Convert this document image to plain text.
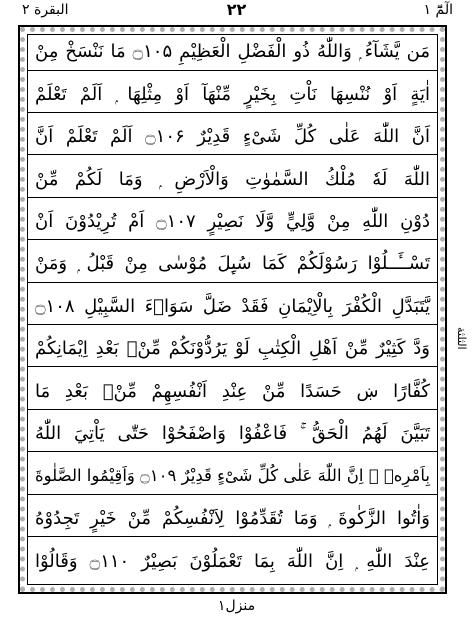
الٓمّٓ ۱
۲۲
البقرة ۲
مَن يَّشَآءُ ۭ وَاللّٰهُ ذُو الْفَضْلِ الْعَظِيْمِ ۝۱۰۵ مَا نَنْسَخْ مِنْ
اٰيَةٍ اَوْ نُنْسِهَا نَاْتِ بِخَيْرٍ مِّنْهَآ اَوْ مِثْلِهَا ۭ اَلَمْ تَعْلَمْ
اَنَّ اللّٰهَ عَلٰى كُلِّ شَىْءٍ قَدِيْرٌ ۝۱۰۶ اَلَمْ تَعْلَمْ اَنَّ
اللّٰهَ لَهٗ مُلْكُ السَّمٰوٰتِ وَالْاَرْضِ ۭ وَمَا لَكُمْ مِّنْ
دُوْنِ اللّٰهِ مِنْ وَّلِيٍّ وَّلَا نَصِيْرٍ ۝۱۰۷ اَمْ تُرِيْدُوْنَ اَنْ
تَسْــَٔــلُوْا رَسُوْلَكُمْ كَمَا سُىِٕلَ مُوْسٰى مِنْ قَبْلُ ۭ وَمَنْ
يَّتَبَدَّلِ الْكُفْرَ بِالْاِيْمَانِ فَقَدْ ضَلَّ سَوَاۗءَ السَّبِيْلِ ۝۱۰۸
وَدَّ كَثِيْرٌ مِّنْ اَھْلِ الْكِتٰبِ لَوْ يَرُدُّوْنَكُمْ مِّنْۢ بَعْدِ اِيْمَانِكُمْ
كُفَّارًا ښ حَسَدًا مِّنْ عِنْدِ اَنْفُسِهِمْ مِّنْۢ بَعْدِ مَا
تَبَيَّنَ لَھُمُ الْحَقُّ ۚ فَاعْفُوْا وَاصْفَحُوْا حَتّٰى يَاْتِيَ اللّٰهُ
بِاَمْرِهٖ ۭ اِنَّ اللّٰهَ عَلٰى كُلِّ شَىْءٍ قَدِيْرٌ ۝۱۰۹ وَاَقِيْمُوا الصَّلٰوةَ
وَاٰتُوا الزَّكٰوةَ ۭ وَمَا تُقَدِّمُوْا لِاَنْفُسِكُمْ مِّنْ خَيْرٍ تَجِدُوْهُ
عِنْدَ اللّٰهِ ۭ اِنَّ اللّٰهَ بِمَا تَعْمَلُوْنَ بَصِيْرٌ ۝۱۱۰ وَقَالُوْا
الثلثة
منزل۱
